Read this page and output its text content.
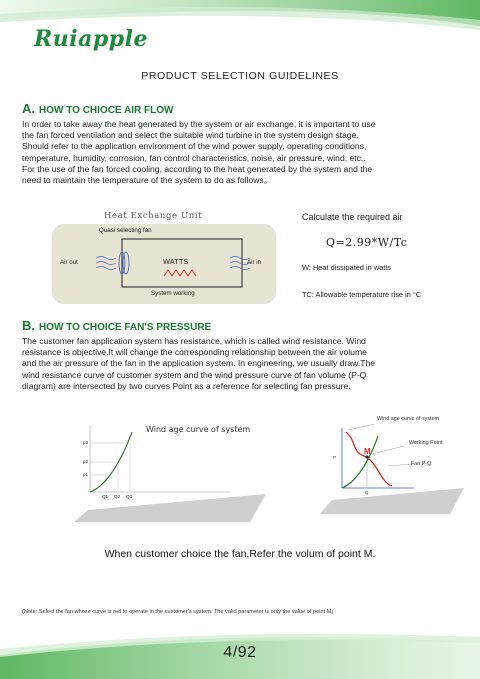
Ruiapple
PRODUCT SELECTION GUIDELINES
A. HOW TO CHIOCE AIR FLOW
In order to take away the heat generated by the system or air exchange, it is important to use
the fan forced ventilation and select the suitable wind turbine in the system design stage.
Should refer to the application environment of the wind power supply, operating conditions,
temperature, humidity, corrosion, fan control characteristics, noise, air pressure, wind, etc..
For the use of the fan forced cooling, according to the heat generated by the system and the
need to maintain the temperature of the system to do as follows。
Heat Exchange Unit
Quasi selecting fan
Air out	Air in
WATTS
System working
Calculate the required air
Q=2.99*W/Tc
W: Heat dissipated in watts
TC: Allowable temperature rise in °C
B. HOW TO CHOICE FAN'S PRESSURE
The customer fan application system has resistance, which is called wind resistance. Wind
resistance is objective.It will change the corresponding relationship between the air volume
and the air pressure of the fan in the application system. In engineering, we usually draw.The
wind resistance curve of customer system and the wind pressure curve of fan volume (P-Q
diagram) are intersected by two curves Point as a reference for selecting fan pressure.
Wind age curve of system
p3
p2
p1
Q1 Q2 Q3
Wind age curve of system
Working Point
Fan P-Q
M
P
Q
When customer choice the fan,Refer the volum of point M.
(Note: Select the fan whose curve is red to operate in the customer's system. The valid parameter is only the value of point M)
4/92
